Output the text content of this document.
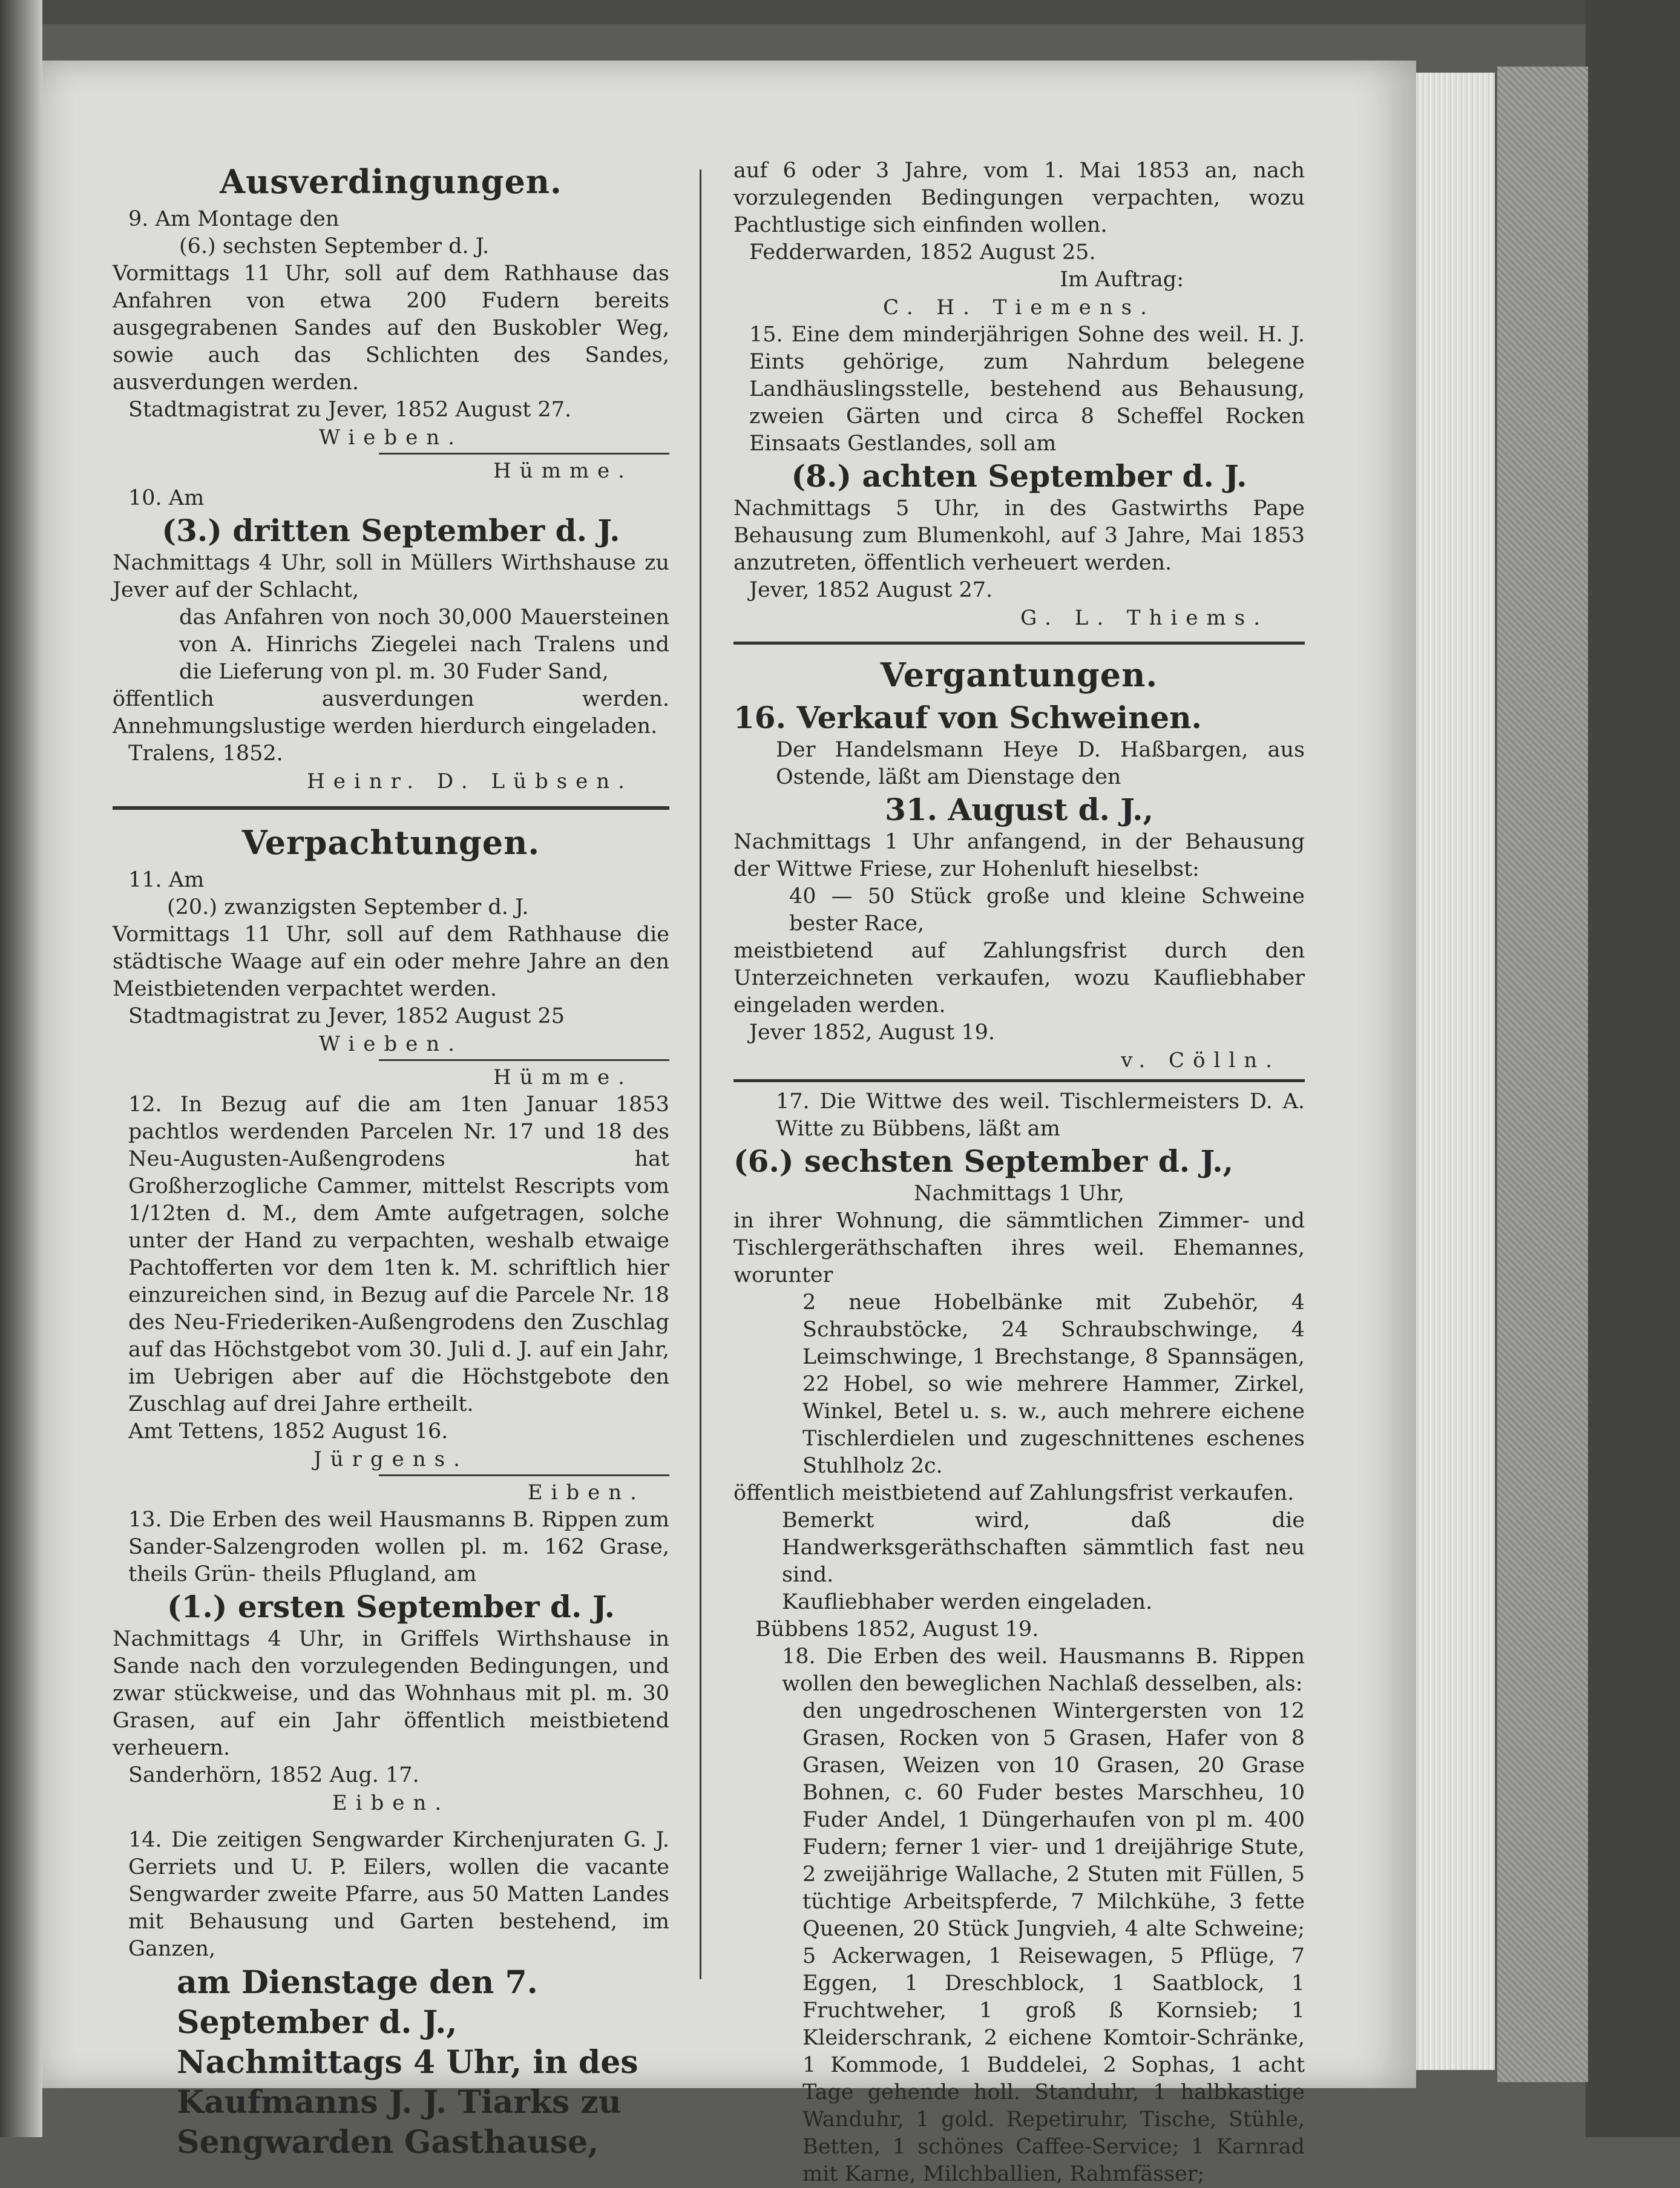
Ausverdingungen.

9. Am Montage den

(6.) sechsten September d. J.

Vormittags 11 Uhr, soll auf dem Rathhause das Anfahren von etwa 200 Fudern bereits ausgegrabenen Sandes auf den Buskobler Weg, sowie auch das Schlichten des Sandes, ausverdungen werden.

Stadtmagistrat zu Jever, 1852 August 27.

Wieben.

Hümme.

10. Am

(3.) dritten September d. J.

Nachmittags 4 Uhr, soll in Müllers Wirthshause zu Jever auf der Schlacht,

das Anfahren von noch 30,000 Mauersteinen von A. Hinrichs Ziegelei nach Tralens und die Lieferung von pl. m. 30 Fuder Sand,

öffentlich ausverdungen werden. Annehmungslustige werden hierdurch eingeladen.

Tralens, 1852.

Heinr. D. Lübsen.

Verpachtungen.

11. Am

(20.) zwanzigsten September d. J.

Vormittags 11 Uhr, soll auf dem Rathhause die städtische Waage auf ein oder mehre Jahre an den Meistbietenden verpachtet werden.

Stadtmagistrat zu Jever, 1852 August 25

Wieben.

Hümme.

12. In Bezug auf die am 1ten Januar 1853 pachtlos werdenden Parcelen Nr. 17 und 18 des Neu-Augusten-Außengrodens hat Großherzogliche Cammer, mittelst Rescripts vom 1/12ten d. M., dem Amte aufgetragen, solche unter der Hand zu verpachten, weshalb etwaige Pachtofferten vor dem 1ten k. M. schriftlich hier einzureichen sind, in Bezug auf die Parcele Nr. 18 des Neu-Friederiken-Außengrodens den Zuschlag auf das Höchstgebot vom 30. Juli d. J. auf ein Jahr, im Uebrigen aber auf die Höchstgebote den Zuschlag auf drei Jahre ertheilt.

Amt Tettens, 1852 August 16.

Jürgens.

Eiben.

13. Die Erben des weil Hausmanns B. Rippen zum Sander-Salzengroden wollen pl. m. 162 Grase, theils Grün- theils Pflugland, am

(1.) ersten September d. J.

Nachmittags 4 Uhr, in Griffels Wirthshause in Sande nach den vorzulegenden Bedingungen, und zwar stückweise, und das Wohnhaus mit pl. m. 30 Grasen, auf ein Jahr öffentlich meistbietend verheuern.

Sanderhörn, 1852 Aug. 17.

Eiben.

14. Die zeitigen Sengwarder Kirchenjuraten G. J. Gerriets und U. P. Eilers, wollen die vacante Sengwarder zweite Pfarre, aus 50 Matten Landes mit Behausung und Garten bestehend, im Ganzen,

am Dienstage den 7. September d. J., Nachmittags 4 Uhr, in des Kaufmanns J. J. Tiarks zu Sengwarden Gasthause,

auf 6 oder 3 Jahre, vom 1. Mai 1853 an, nach vorzulegenden Bedingungen verpachten, wozu Pachtlustige sich einfinden wollen.

Fedderwarden, 1852 August 25.

Im Auftrag:

C. H. Tiemens.

15. Eine dem minderjährigen Sohne des weil. H. J. Eints gehörige, zum Nahrdum belegene Landhäuslingsstelle, bestehend aus Behausung, zweien Gärten und circa 8 Scheffel Rocken Einsaats Gestlandes, soll am

(8.) achten September d. J.

Nachmittags 5 Uhr, in des Gastwirths Pape Behausung zum Blumenkohl, auf 3 Jahre, Mai 1853 anzutreten, öffentlich verheuert werden.

Jever, 1852 August 27.

G. L. Thiems.

Vergantungen.

16. Verkauf von Schweinen.

Der Handelsmann Heye D. Haßbargen, aus Ostende, läßt am Dienstage den

31. August d. J.,

Nachmittags 1 Uhr anfangend, in der Behausung der Wittwe Friese, zur Hohenluft hieselbst:

40 — 50 Stück große und kleine Schweine bester Race,

meistbietend auf Zahlungsfrist durch den Unterzeichneten verkaufen, wozu Kaufliebhaber eingeladen werden.

Jever 1852, August 19.

v. Cölln.

17. Die Wittwe des weil. Tischlermeisters D. A. Witte zu Bübbens, läßt am

(6.) sechsten September d. J.,

Nachmittags 1 Uhr,

in ihrer Wohnung, die sämmtlichen Zimmer- und Tischlergeräthschaften ihres weil. Ehemannes, worunter

2 neue Hobelbänke mit Zubehör, 4 Schraubstöcke, 24 Schraubschwinge, 4 Leimschwinge, 1 Brechstange, 8 Spannsägen, 22 Hobel, so wie mehrere Hammer, Zirkel, Winkel, Betel u. s. w., auch mehrere eichene Tischlerdielen und zugeschnittenes eschenes Stuhlholz 2c.

öffentlich meistbietend auf Zahlungsfrist verkaufen.

Bemerkt wird, daß die Handwerksgeräthschaften sämmtlich fast neu sind.

Kaufliebhaber werden eingeladen.

Bübbens 1852, August 19.

18. Die Erben des weil. Hausmanns B. Rippen wollen den beweglichen Nachlaß desselben, als:

den ungedroschenen Wintergersten von 12 Grasen, Rocken von 5 Grasen, Hafer von 8 Grasen, Weizen von 10 Grasen, 20 Grase Bohnen, c. 60 Fuder bestes Marschheu, 10 Fuder Andel, 1 Düngerhaufen von pl m. 400 Fudern; ferner 1 vier- und 1 dreijährige Stute, 2 zweijährige Wallache, 2 Stuten mit Füllen, 5 tüchtige Arbeitspferde, 7 Milchkühe, 3 fette Queenen, 20 Stück Jungvieh, 4 alte Schweine; 5 Ackerwagen, 1 Reisewagen, 5 Pflüge, 7 Eggen, 1 Dreschblock, 1 Saatblock, 1 Fruchtweher, 1 groß ß Kornsieb; 1 Kleiderschrank, 2 eichene Komtoir-Schränke, 1 Kommode, 1 Buddelei, 2 Sophas, 1 acht Tage gehende holl. Standuhr, 1 halbkastige Wanduhr, 1 gold. Repetiruhr, Tische, Stühle, Betten, 1 schönes Caffee-Service; 1 Karnrad mit Karne, Milchballien, Rahmfässer;
